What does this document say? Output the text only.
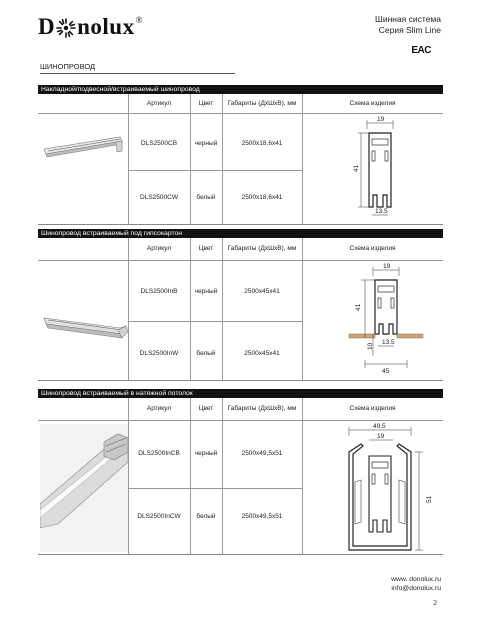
D nolux ®	Шинная система
Серия Slim Line
EAC
ШИНОПРОВОД
Накладной/подвесной/встраиваемый шинопровод
Артикул	Цвет	Габариты (ДхШхВ), мм	Схема изделия
DLS2500CB	черный	2500x18,6x41
DLS2500CW	белый	2500x18,6x41
19
41
13.5
Шинопровод встраиваемый под гипсокартон
Артикул	Цвет	Габариты (ДхШхВ), мм	Схема изделия
DLS2500InB	черный	2500x45x41
DLS2500InW	белый	2500x45x41
19
41
10
13.5
45
Шинопровод встраиваемый в натяжной потолок
Артикул	Цвет	Габариты (ДхШхВ), мм	Схема изделия
DLS2500InCB	черный	2500x49,5x51
DLS2500InCW	белый	2500x49,5x51
49.5
19
51
www. donolux.ru
info@donolux.ru
2
